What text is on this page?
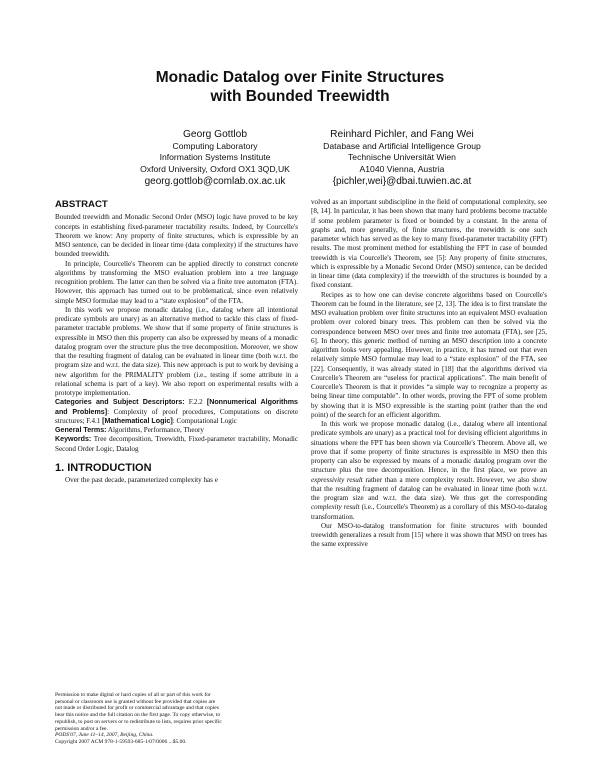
Monadic Datalog over Finite Structures
with Bounded Treewidth
Georg Gottlob
Computing Laboratory
Information Systems Institute
Oxford University, Oxford OX1 3QD,UK
georg.gottlob@comlab.ox.ac.uk
Reinhard Pichler, and Fang Wei
Database and Artificial Intelligence Group
Technische Universität Wien
A1040 Vienna, Austria
{pichler,wei}@dbai.tuwien.ac.at
ABSTRACT

Bounded treewidth and Monadic Second Order (MSO) logic have proved to be key concepts in establishing fixed-parameter tractability results. Indeed, by Courcelle's Theorem we know: Any property of finite structures, which is expressible by an MSO sentence, can be decided in linear time (data complexity) if the structures have bounded treewidth.

In principle, Courcelle's Theorem can be applied directly to construct concrete algorithms by transforming the MSO evaluation problem into a tree language recognition problem. The latter can then be solved via a finite tree automaton (FTA). However, this approach has turned out to be problematical, since even relatively simple MSO formulae may lead to a “state explosion” of the FTA.

In this work we propose monadic datalog (i.e., datalog where all intentional predicate symbols are unary) as an alternative method to tackle this class of fixed-parameter tractable problems. We show that if some property of finite structures is expressible in MSO then this property can also be expressed by means of a monadic datalog program over the structure plus the tree decomposition. Moreover, we show that the resulting fragment of datalog can be evaluated in linear time (both w.r.t. the program size and w.r.t. the data size). This new approach is put to work by devising a new algorithm for the PRIMALITY problem (i.e., testing if some attribute in a relational schema is part of a key). We also report on experimental results with a prototype implementation.

Categories and Subject Descriptors: F.2.2 [Nonnumerical Algorithms and Problems]: Complexity of proof procedures, Computations on discrete structures; F.4.1 [Mathematical Logic]: Computational Logic

General Terms: Algorithms, Performance, Theory

Keywords: Tree decomposition, Treewidth, Fixed-parameter tractability, Monadic Second Order Logic, Datalog

1. INTRODUCTION

Over the past decade, parameterized complexity has e

Permission to make digital or hard copies of all or part of this work for
personal or classroom use is granted without fee provided that copies are
not made or distributed for profit or commercial advantage and that copies
bear this notice and the full citation on the first page. To copy otherwise, to
republish, to post on servers or to redistribute to lists, requires prior specific
permission and/or a fee.
PODS'07, June 11–14, 2007, Beijing, China.
Copyright 2007 ACM 978-1-59593-685-1/07/0006 ...$5.00.

volved as an important subdiscipline in the field of computational complexity, see [8, 14]. In particular, it has been shown that many hard problems become tractable if some problem parameter is fixed or bounded by a constant. In the arena of graphs and, more generally, of finite structures, the treewidth is one such parameter which has served as the key to many fixed-parameter tractability (FPT) results. The most prominent method for establishing the FPT in case of bounded treewidth is via Courcelle's Theorem, see [5]: Any property of finite structures, which is expressible by a Monadic Second Order (MSO) sentence, can be decided in linear time (data complexity) if the treewidth of the structures is bounded by a fixed constant.

Recipes as to how one can devise concrete algorithms based on Courcelle's Theorem can be found in the literature, see [2, 13]. The idea is to first translate the MSO evaluation problem over finite structures into an equivalent MSO evaluation problem over colored binary trees. This problem can then be solved via the correspondence between MSO over trees and finite tree automata (FTA), see [25, 6]. In theory, this generic method of turning an MSO description into a concrete algorithm looks very appealing. However, in practice, it has turned out that even relatively simple MSO formulae may lead to a “state explosion” of the FTA, see [22]. Consequently, it was already stated in [18] that the algorithms derived via Courcelle's Theorem are “useless for practical applications”. The main benefit of Courcelle's Theorem is that it provides “a simple way to recognize a property as being linear time computable”. In other words, proving the FPT of some problem by showing that it is MSO expressible is the starting point (rather than the end point) of the search for an efficient algorithm.

In this work we propose monadic datalog (i.e., datalog where all intentional predicate symbols are unary) as a practical tool for devising efficient algorithms in situations where the FPT has been shown via Courcelle's Theorem. Above all, we prove that if some property of finite structures is expressible in MSO then this property can also be expressed by means of a monadic datalog program over the structure plus the tree decomposition. Hence, in the first place, we prove an expressivity result rather than a mere complexity result. However, we also show that the resulting fragment of datalog can be evaluated in linear time (both w.r.t. the program size and w.r.t. the data size). We thus get the corresponding complexity result (i.e., Courcelle's Theorem) as a corollary of this MSO-to-datalog transformation.

Our MSO-to-datalog transformation for finite structures with bounded treewidth generalizes a result from [15] where it was shown that MSO on trees has the same expressive
